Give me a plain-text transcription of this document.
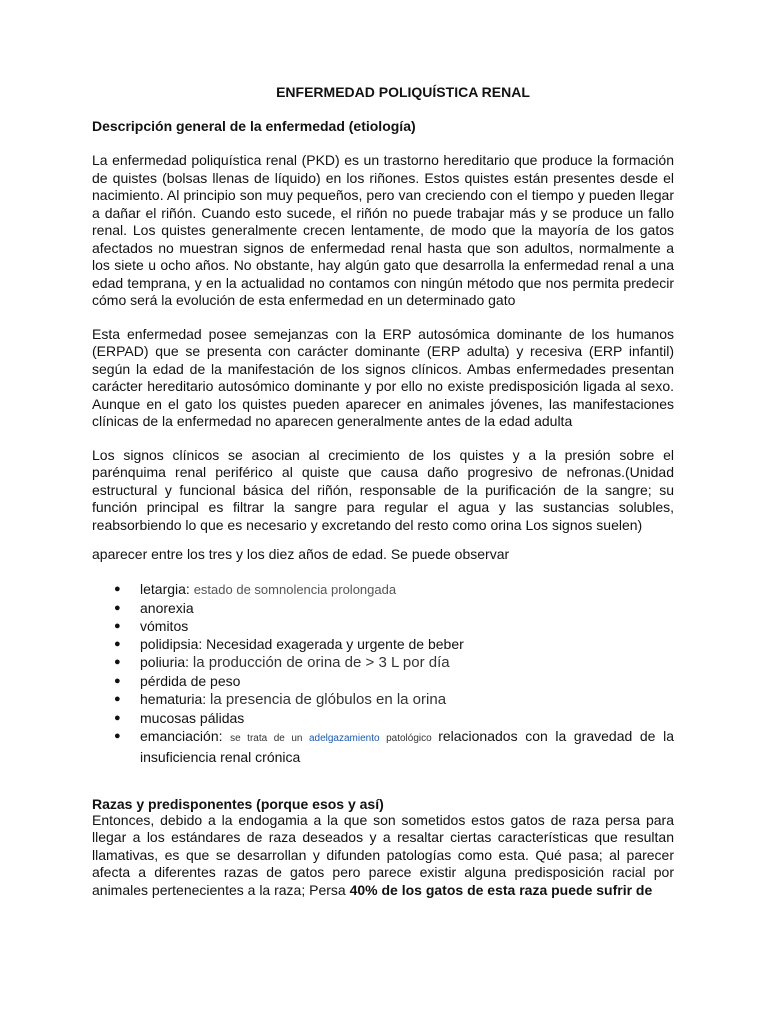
ENFERMEDAD POLIQUÍSTICA RENAL
Descripción general de la enfermedad (etiología)

La enfermedad poliquística renal (PKD) es un trastorno hereditario que produce la formación de quistes (bolsas llenas de líquido) en los riñones. Estos quistes están presentes desde el nacimiento. Al principio son muy pequeños, pero van creciendo con el tiempo y pueden llegar a dañar el riñón. Cuando esto sucede, el riñón no puede trabajar más y se produce un fallo renal. Los quistes generalmente crecen lentamente, de modo que la mayoría de los gatos afectados no muestran signos de enfermedad renal hasta que son adultos, normalmente a los siete u ocho años. No obstante, hay algún gato que desarrolla la enfermedad renal a una edad temprana, y en la actualidad no contamos con ningún método que nos permita predecir cómo será la evolución de esta enfermedad en un determinado gato

Esta enfermedad posee semejanzas con la ERP autosómica dominante de los humanos (ERPAD) que se presenta con carácter dominante (ERP adulta) y recesiva (ERP infantil) según la edad de la manifestación de los signos clínicos. Ambas enfermedades presentan carácter hereditario autosómico dominante y por ello no existe predisposición ligada al sexo. Aunque en el gato los quistes pueden aparecer en animales jóvenes, las manifestaciones clínicas de la enfermedad no aparecen generalmente antes de la edad adulta

Los signos clínicos se asocian al crecimiento de los quistes y a la presión sobre el parénquima renal periférico al quiste que causa daño progresivo de nefronas.(Unidad estructural y funcional básica del riñón, responsable de la purificación de la sangre; su función principal es filtrar la sangre para regular el agua y las sustancias solubles, reabsorbiendo lo que es necesario y excretando del resto como orina Los signos suelen)

aparecer entre los tres y los diez años de edad. Se puede observar

● letargia: estado de somnolencia prolongada
● anorexia
● vómitos
● polidipsia: Necesidad exagerada y urgente de beber
● poliuria: la producción de orina de > 3 L por día
● pérdida de peso
● hematuria: la presencia de glóbulos en la orina
● mucosas pálidas
● emanciación: se trata de un adelgazamiento patológico relacionados con la gravedad de la insuficiencia renal crónica
Razas y predisponentes (porque esos y así)

Entonces, debido a la endogamia a la que son sometidos estos gatos de raza persa para llegar a los estándares de raza deseados y a resaltar ciertas características que resultan llamativas, es que se desarrollan y difunden patologías como esta. Qué pasa; al parecer afecta a diferentes razas de gatos pero parece existir alguna predisposición racial por animales pertenecientes a la raza; Persa 40% de los gatos de esta raza puede sufrir de
